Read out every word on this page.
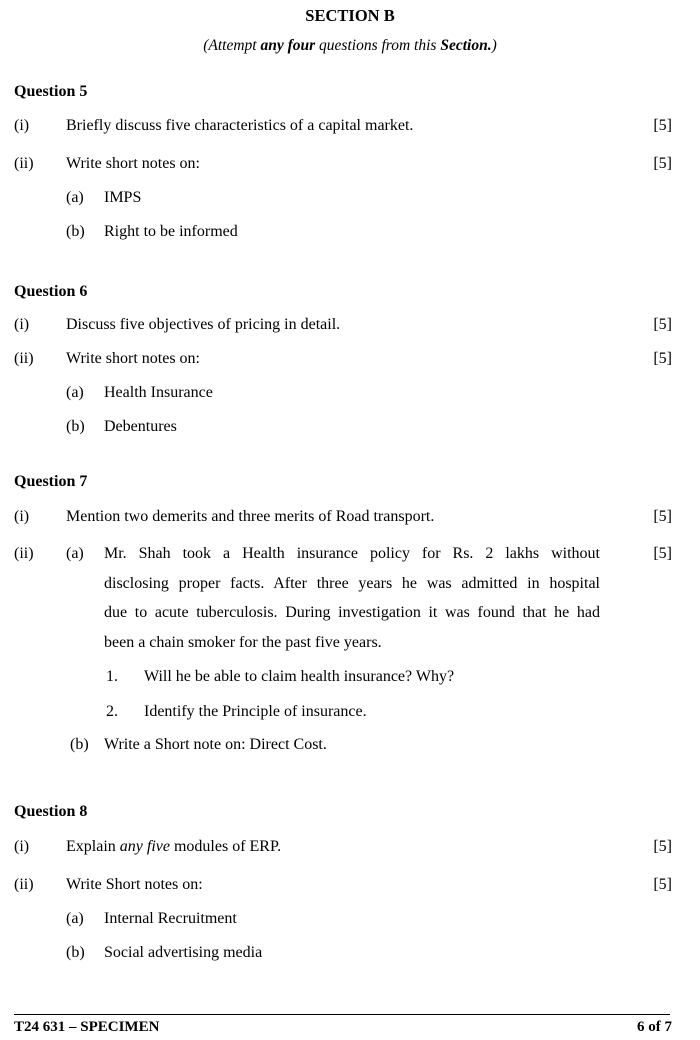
SECTION B
(Attempt any four questions from this Section.)
Question 5
(i) Briefly discuss five characteristics of a capital market.	[5]
(ii) Write short notes on:	[5]
(a) IMPS
(b) Right to be informed
Question 6
(i) Discuss five objectives of pricing in detail.	[5]
(ii) Write short notes on:	[5]
(a) Health Insurance
(b) Debentures
Question 7
(i) Mention two demerits and three merits of Road transport.	[5]
(ii) (a)	[5]
Mr. Shah took a Health insurance policy for Rs. 2 lakhs without
disclosing proper facts. After three years he was admitted in hospital
due to acute tuberculosis. During investigation it was found that he had
been a chain smoker for the past five years.
1. Will he be able to claim health insurance? Why?
2. Identify the Principle of insurance.
(b) Write a Short note on: Direct Cost.
Question 8
(i) Explain any five modules of ERP.	[5]
(ii) Write Short notes on:	[5]
(a) Internal Recruitment
(b) Social advertising media
T24 631 – SPECIMEN	6 of 7
